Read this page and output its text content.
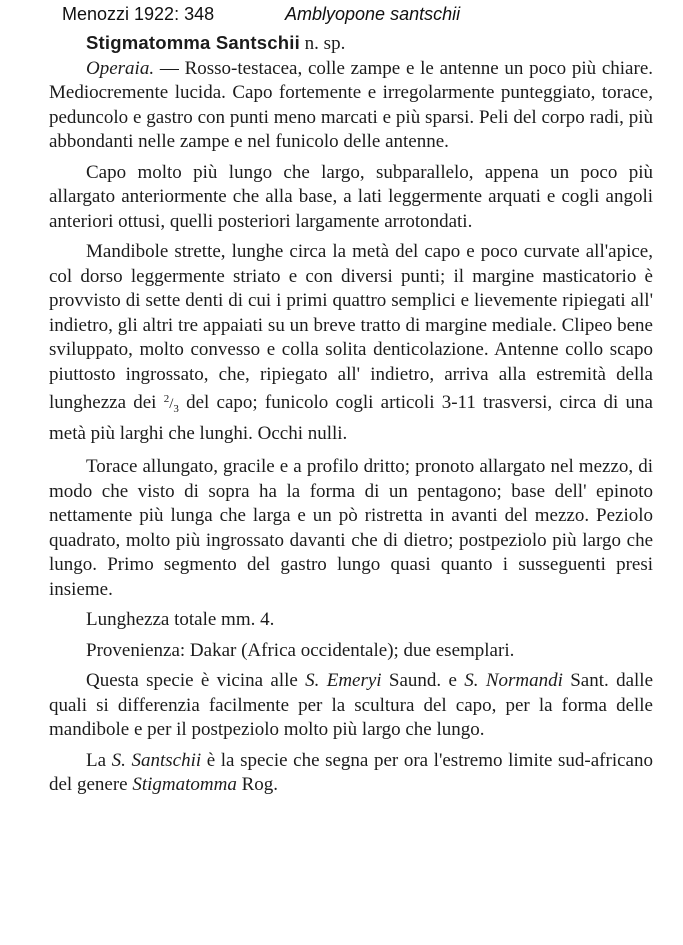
Menozzi 1922: 348	Amblyopone santschii
Stigmatomma Santschii n. sp.

Operaia. — Rosso-testacea, colle zampe e le antenne un poco più chiare. Mediocremente lucida. Capo fortemente e irregolarmente punteggiato, torace, peduncolo e gastro con punti meno marcati e più sparsi. Peli del corpo radi, più abbondanti nelle zampe e nel funicolo delle antenne.

Capo molto più lungo che largo, subparallelo, appena un poco più allargato anteriormente che alla base, a lati leggermente arquati e cogli angoli anteriori ottusi, quelli posteriori largamente arrotondati.

Mandibole strette, lunghe circa la metà del capo e poco curvate all'apice, col dorso leggermente striato e con diversi punti; il margine masticatorio è provvisto di sette denti di cui i primi quattro semplici e lievemente ripiegati all' indietro, gli altri tre appaiati su un breve tratto di margine mediale. Clipeo bene sviluppato, molto convesso e colla solita denticolazione. Antenne collo scapo piuttosto ingrossato, che, ripiegato all' indietro, arriva alla estremità della lunghezza dei $^2/_3$ del capo; funicolo cogli articoli 3-11 trasversi, circa di una metà più larghi che lunghi. Occhi nulli.

Torace allungato, gracile e a profilo dritto; pronoto allargato nel mezzo, di modo che visto di sopra ha la forma di un pentagono; base dell' epinoto nettamente più lunga che larga e un pò ristretta in avanti del mezzo. Peziolo quadrato, molto più ingrossato davanti che di dietro; postpeziolo più largo che lungo. Primo segmento del gastro lungo quasi quanto i susseguenti presi insieme.

Lunghezza totale mm. 4.

Provenienza: Dakar (Africa occidentale); due esemplari.

Questa specie è vicina alle S. Emeryi Saund. e S. Normandi Sant. dalle quali si differenzia facilmente per la scultura del capo, per la forma delle mandibole e per il postpeziolo molto più largo che lungo.

La S. Santschii è la specie che segna per ora l'estremo limite sud-africano del genere Stigmatomma Rog.
